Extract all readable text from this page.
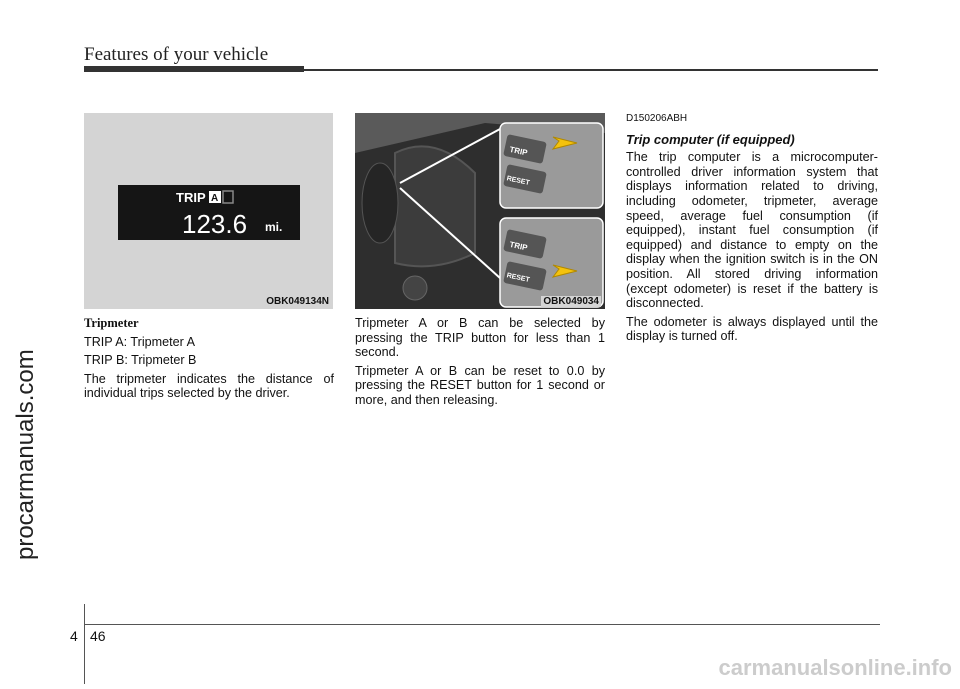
Features of your vehicle
procarmanuals.com
TRIP A
123.6 mi.
OBK049134N
TRIP
RESET
TRIP
RESET
OBK049034
Tripmeter

TRIP A: Tripmeter A

TRIP B: Tripmeter B

The tripmeter indicates the distance of individual trips selected by the driver.

Tripmeter A or B can be selected by pressing the TRIP button for less than 1 second.

Tripmeter A or B can be reset to 0.0 by pressing the RESET button for 1 second or more, and then releasing.

D150206ABH
Trip computer (if equipped)

The trip computer is a microcomputer-controlled driver information system that displays information related to driving, including odometer, tripmeter, average speed, average fuel consumption (if equipped), instant fuel consumption (if equipped) and distance to empty on the display when the ignition switch is in the ON position. All stored driving information (except odometer) is reset if the battery is disconnected.

The odometer is always displayed until the display is turned off.

4 46
carmanualsonline.info
